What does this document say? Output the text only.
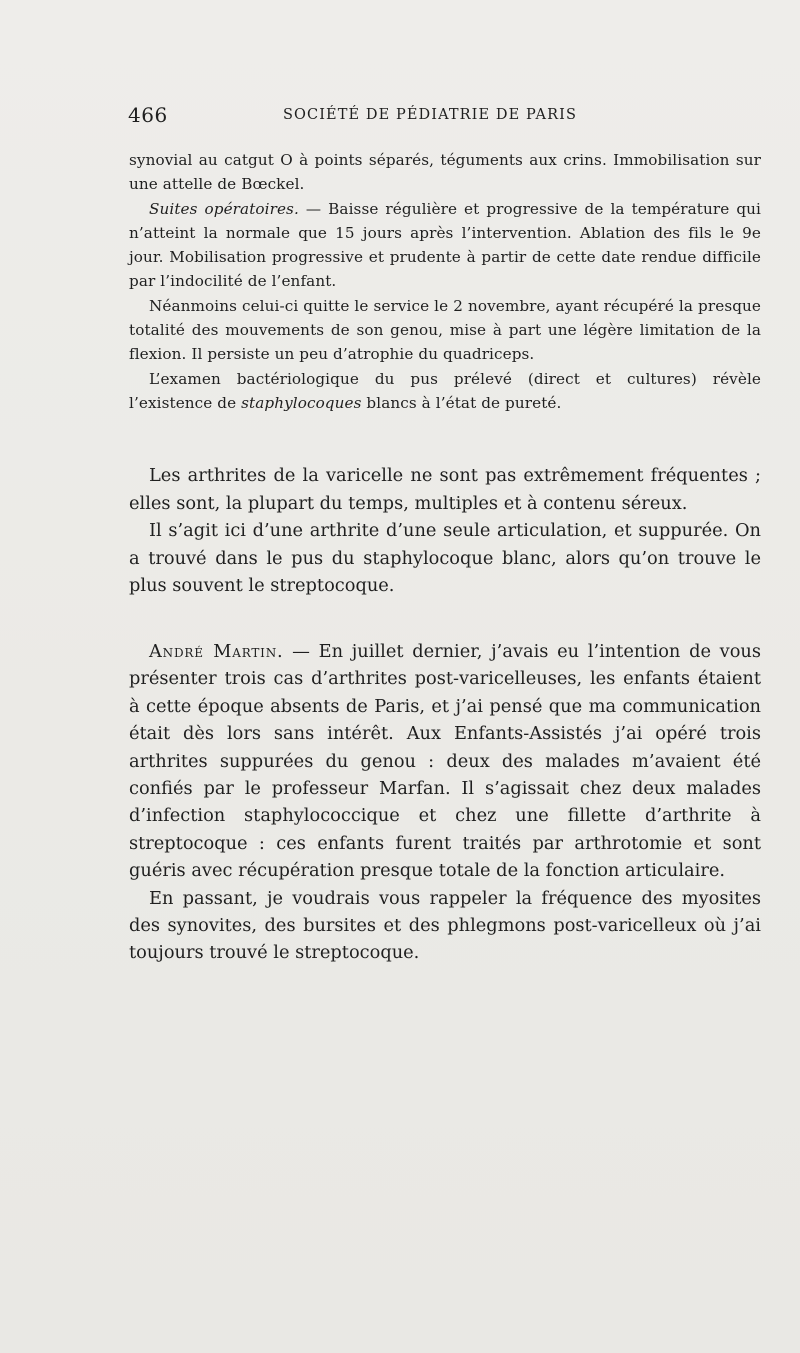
466	SOCIÉTÉ DE PÉDIATRIE DE PARIS

synovial au catgut O à points séparés, téguments aux crins. Immobilisation sur une attelle de Bœckel.

Suites opératoires. — Baisse régulière et progressive de la température qui n’atteint la normale que 15 jours après l’intervention. Ablation des fils le 9e jour. Mobilisation progressive et prudente à partir de cette date rendue difficile par l’indocilité de l’enfant.

Néanmoins celui-ci quitte le service le 2 novembre, ayant récupéré la presque totalité des mouvements de son genou, mise à part une légère limitation de la flexion. Il persiste un peu d’atrophie du quadriceps.

L’examen bactériologique du pus prélevé (direct et cultures) révèle l’existence de staphylocoques blancs à l’état de pureté.

Les arthrites de la varicelle ne sont pas extrêmement fréquentes ; elles sont, la plupart du temps, multiples et à contenu séreux.

Il s’agit ici d’une arthrite d’une seule articulation, et suppurée. On a trouvé dans le pus du staphylocoque blanc, alors qu’on trouve le plus souvent le streptocoque.

André Martin. — En juillet dernier, j’avais eu l’intention de vous présenter trois cas d’arthrites post-varicelleuses, les enfants étaient à cette époque absents de Paris, et j’ai pensé que ma communication était dès lors sans intérêt. Aux Enfants-Assistés j’ai opéré trois arthrites suppurées du genou : deux des malades m’avaient été confiés par le professeur Marfan. Il s’agissait chez deux malades d’infection staphylococcique et chez une fillette d’arthrite à streptocoque : ces enfants furent traités par arthrotomie et sont guéris avec récupération presque totale de la fonction articulaire.

En passant, je voudrais vous rappeler la fréquence des myosites des synovites, des bursites et des phlegmons post-varicelleux où j’ai toujours trouvé le streptocoque.
